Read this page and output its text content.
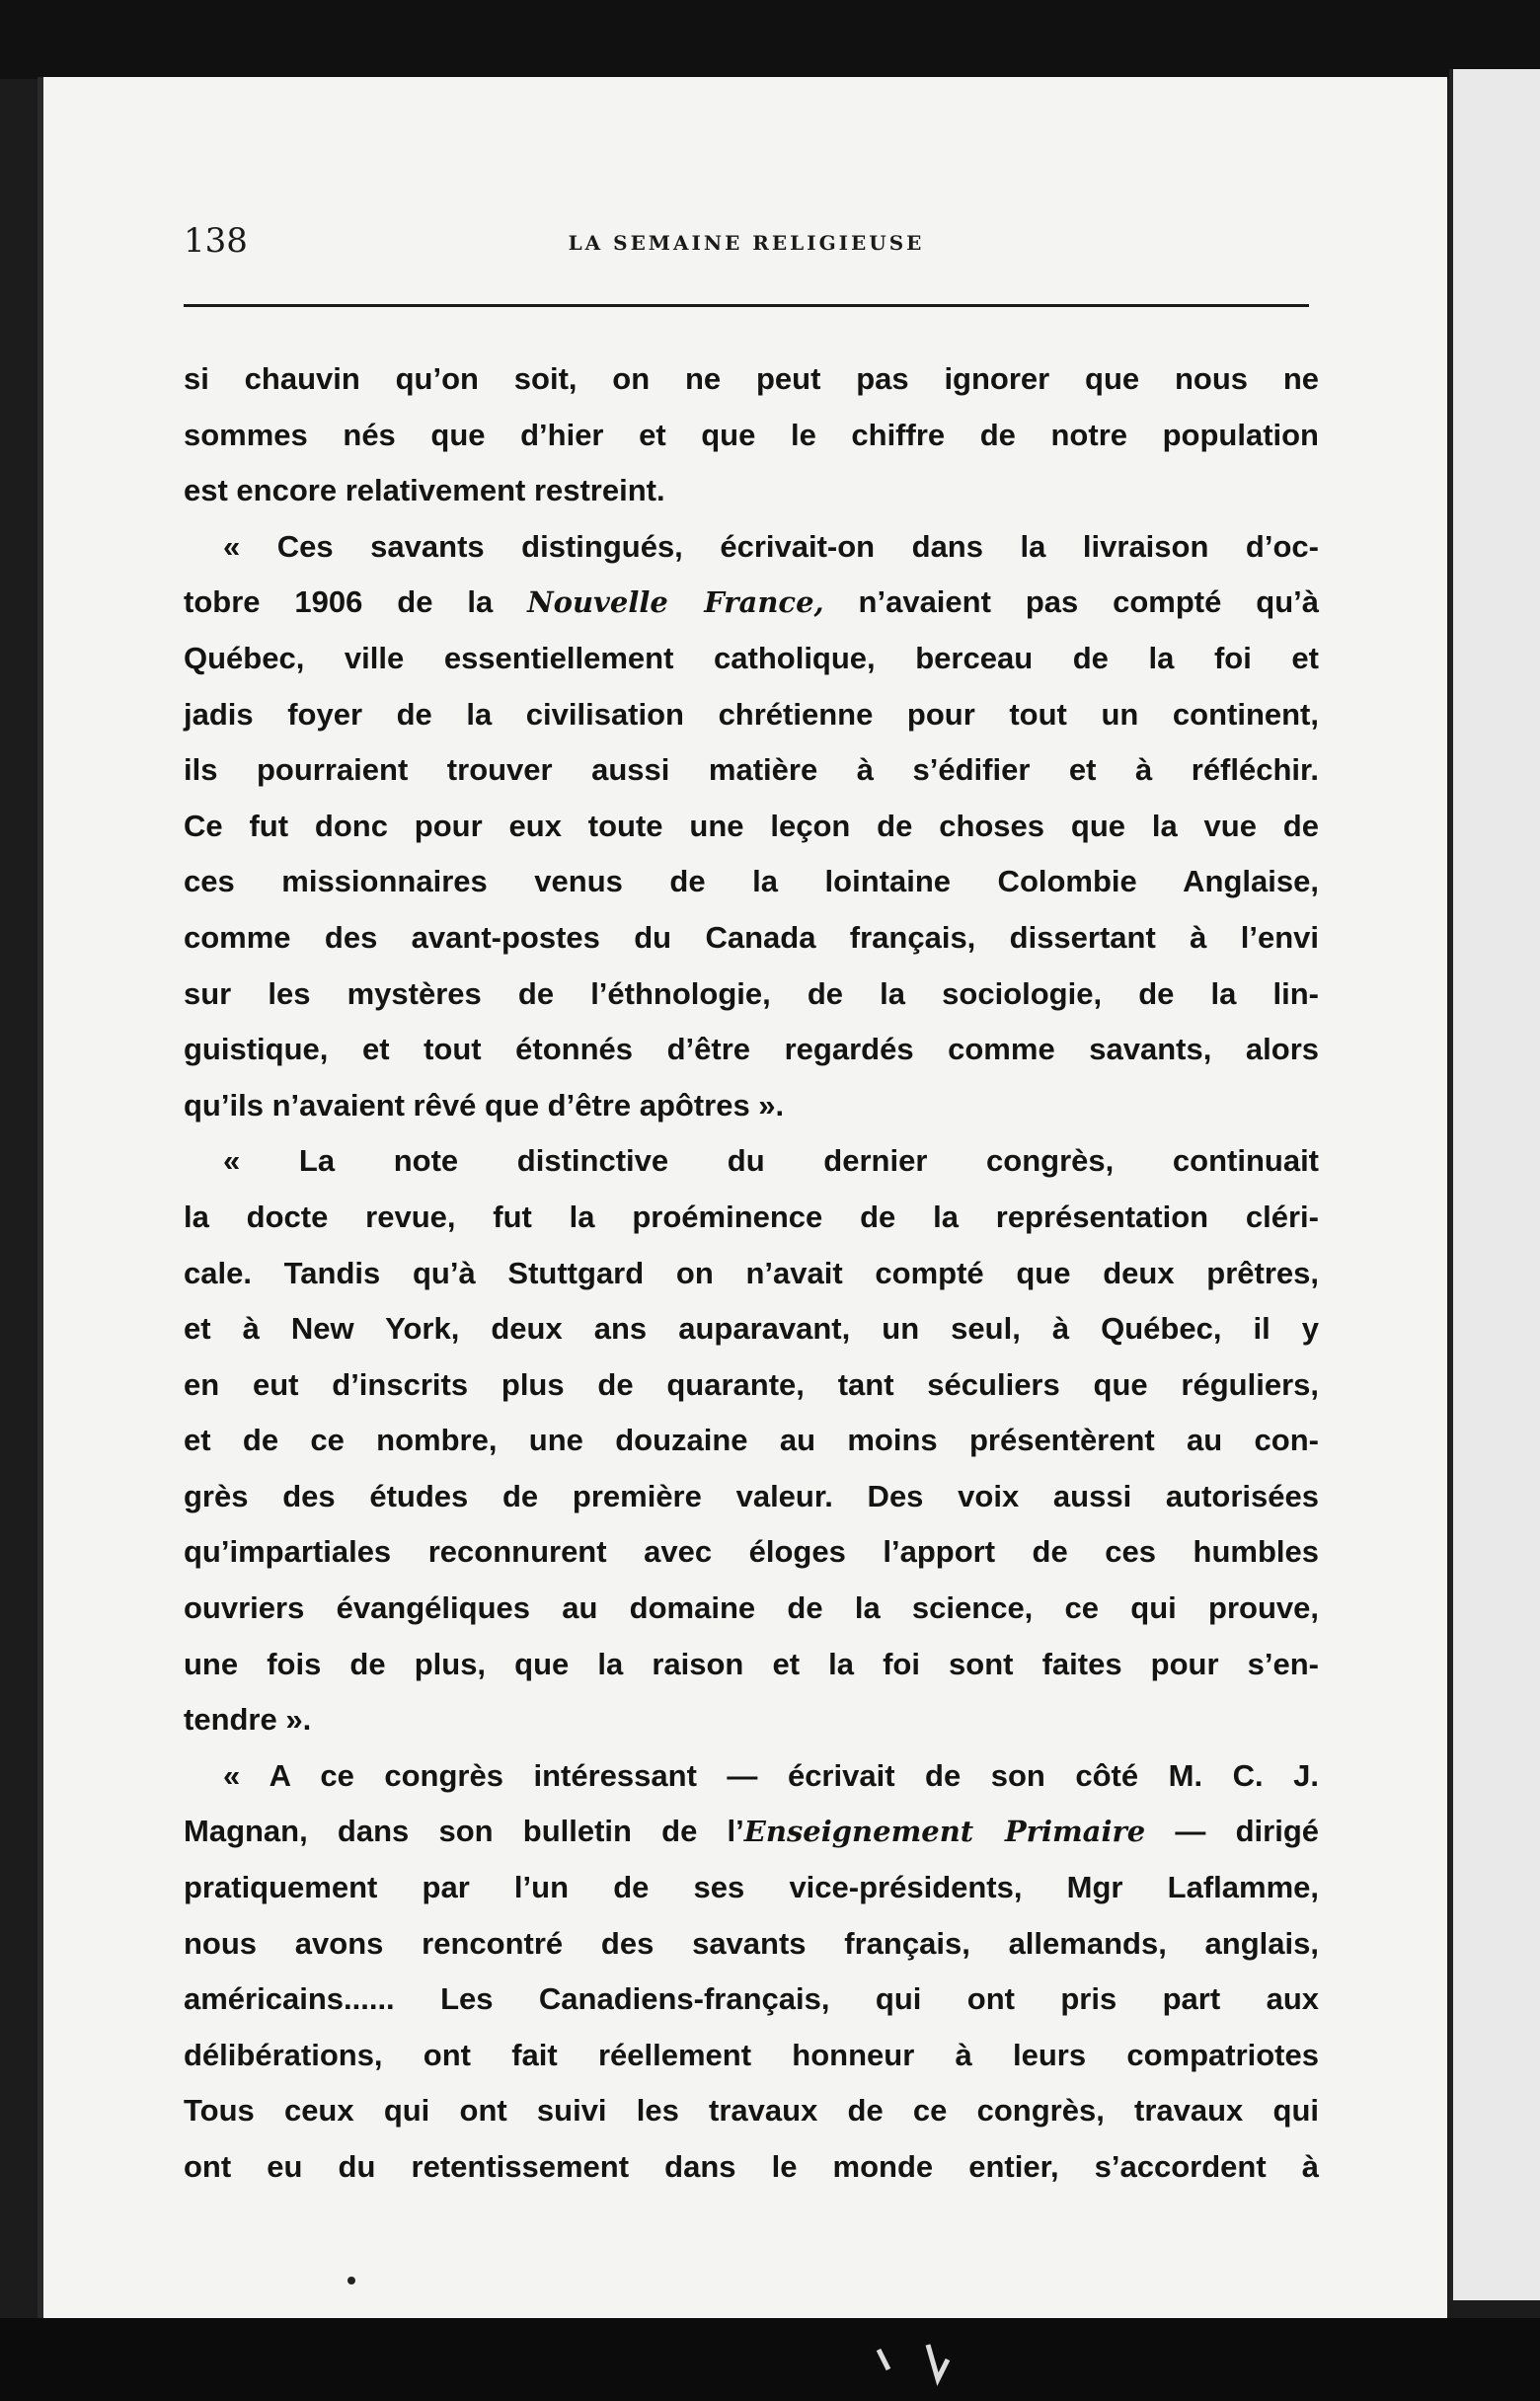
138	LA SEMAINE RELIGIEUSE
si chauvin qu’on soit, on ne peut pas ignorer que nous ne
sommes nés que d’hier et que le chiffre de notre population
est encore relativement restreint.
« Ces savants distingués, écrivait-on dans la livraison d’oc-
tobre 1906 de la Nouvelle France, n’avaient pas compté qu’à
Québec, ville essentiellement catholique, berceau de la foi et
jadis foyer de la civilisation chrétienne pour tout un continent,
ils pourraient trouver aussi matière à s’édifier et à réfléchir.
Ce fut donc pour eux toute une leçon de choses que la vue de
ces missionnaires venus de la lointaine Colombie Anglaise,
comme des avant-postes du Canada français, dissertant à l’envi
sur les mystères de l’éthnologie, de la sociologie, de la lin-
guistique, et tout étonnés d’être regardés comme savants, alors
qu’ils n’avaient rêvé que d’être apôtres ».
« La note distinctive du dernier congrès, continuait
la docte revue, fut la proéminence de la représentation cléri-
cale. Tandis qu’à Stuttgard on n’avait compté que deux prêtres,
et à New York, deux ans auparavant, un seul, à Québec, il y
en eut d’inscrits plus de quarante, tant séculiers que réguliers,
et de ce nombre, une douzaine au moins présentèrent au con-
grès des études de première valeur. Des voix aussi autorisées
qu’impartiales reconnurent avec éloges l’apport de ces humbles
ouvriers évangéliques au domaine de la science, ce qui prouve,
une fois de plus, que la raison et la foi sont faites pour s’en-
tendre ».
« A ce congrès intéressant — écrivait de son côté M. C. J.
Magnan, dans son bulletin de l’Enseignement Primaire — dirigé
pratiquement par l’un de ses vice-présidents, Mgr Laflamme,
nous avons rencontré des savants français, allemands, anglais,
américains...... Les Canadiens-français, qui ont pris part aux
délibérations, ont fait réellement honneur à leurs compatriotes
Tous ceux qui ont suivi les travaux de ce congrès, travaux qui
ont eu du retentissement dans le monde entier, s’accordent à
